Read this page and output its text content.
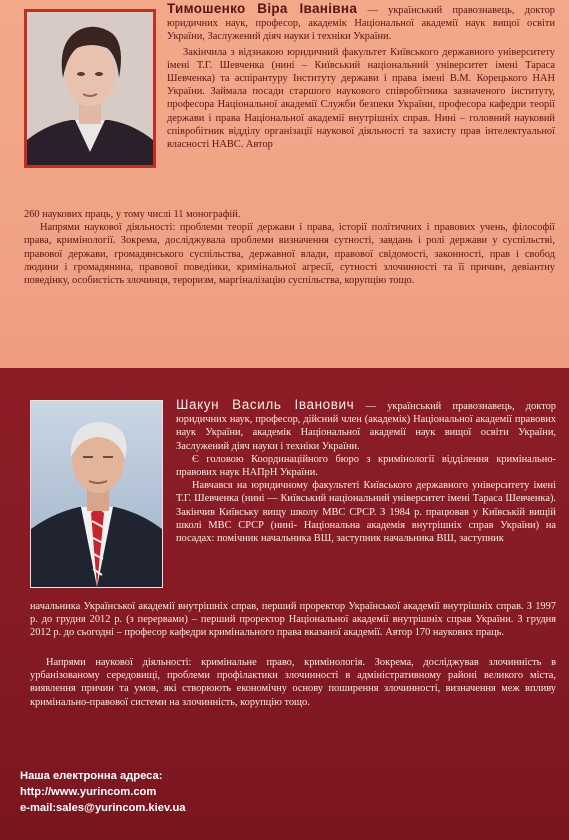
Тимошенко Віра Іванівна — український правознавець, доктор юридичних наук, професор, академік Національної академії наук вищої освіти України, Заслужений діяч науки і техніки України.

Закінчила з відзнакою юридичний факультет Київського державного університету імені Т.Г. Шевченка (нині – Київський національний університет імені Тараса Шевченка) та аспірантуру Інституту держави і права імені В.М. Корецького НАН України. Займала посади старшого наукового співробітника зазначеного інституту, професора Національної академії Служби безпеки України, професора кафедри теорії держави і права Національної академії внутрішніх справ. Нині – головний науковий співробітник відділу організації наукової діяльності та захисту прав інтелектуальної власності НАВС. Автор

260 наукових праць, у тому числі 11 монографій.

Напрями наукової діяльності: проблеми теорії держави і права, історії політичних і правових учень, філософії права, кримінології. Зокрема, досліджувала проблеми визначення сутності, завдань і ролі держави у суспільстві, правової держави, громадянського суспільства, державної влади, правової свідомості, законності, прав і свобод людини і громадянина, правової поведінки, кримінальної агресії, сутності злочинності та її причин, девіантну поведінку, особистість злочинця, тероризм, маргіналізацію суспільства, корупцію тощо.

Шакун Василь Іванович — український правознавець, доктор юридичних наук, професор, дійсний член (академік) Національної академії правових наук України, академік Національної академії наук вищої освіти України, Заслужений діяч науки і техніки України.

Є головою Координаційного бюро з кримінології відділення кримінально-правових наук НАПрН України.

Навчався на юридичному факультеті Київського державного університету імені Т.Г. Шевченка (нині — Київський національний університет імені Тараса Шевченка). Закінчив Київську вищу школу МВС СРСР. З 1984 р. працював у Київській вищій школі МВС СРСР (нині- Національна академія внутрішніх справ України) на посадах: помічник начальника ВШ, заступник начальника ВШ, заступник

начальника Української академії внутрішніх справ, перший проректор Української академії внутрішніх справ. З 1997 р. до грудня 2012 р. (з перервами) – перший проректор Національної академії внутрішніх справ України. З грудня 2012 р. до сьогодні – професор кафедри кримінального права вказаної академії. Автор 170 наукових праць.

Напрями наукової діяльності: кримінальне право, кримінологія. Зокрема, досліджував злочинність в урбанізованому середовищі, проблеми профілактики злочинності в адміністративному районі великого міста, виявлення причин та умов, які створюють економічну основу поширення злочинності, визначення меж впливу кримінально-правової системи на злочинність, корупцію тощо.

Наша електронна адреса:
http://www.yurincom.com
e-mail:sales@yurincom.kiev.ua
